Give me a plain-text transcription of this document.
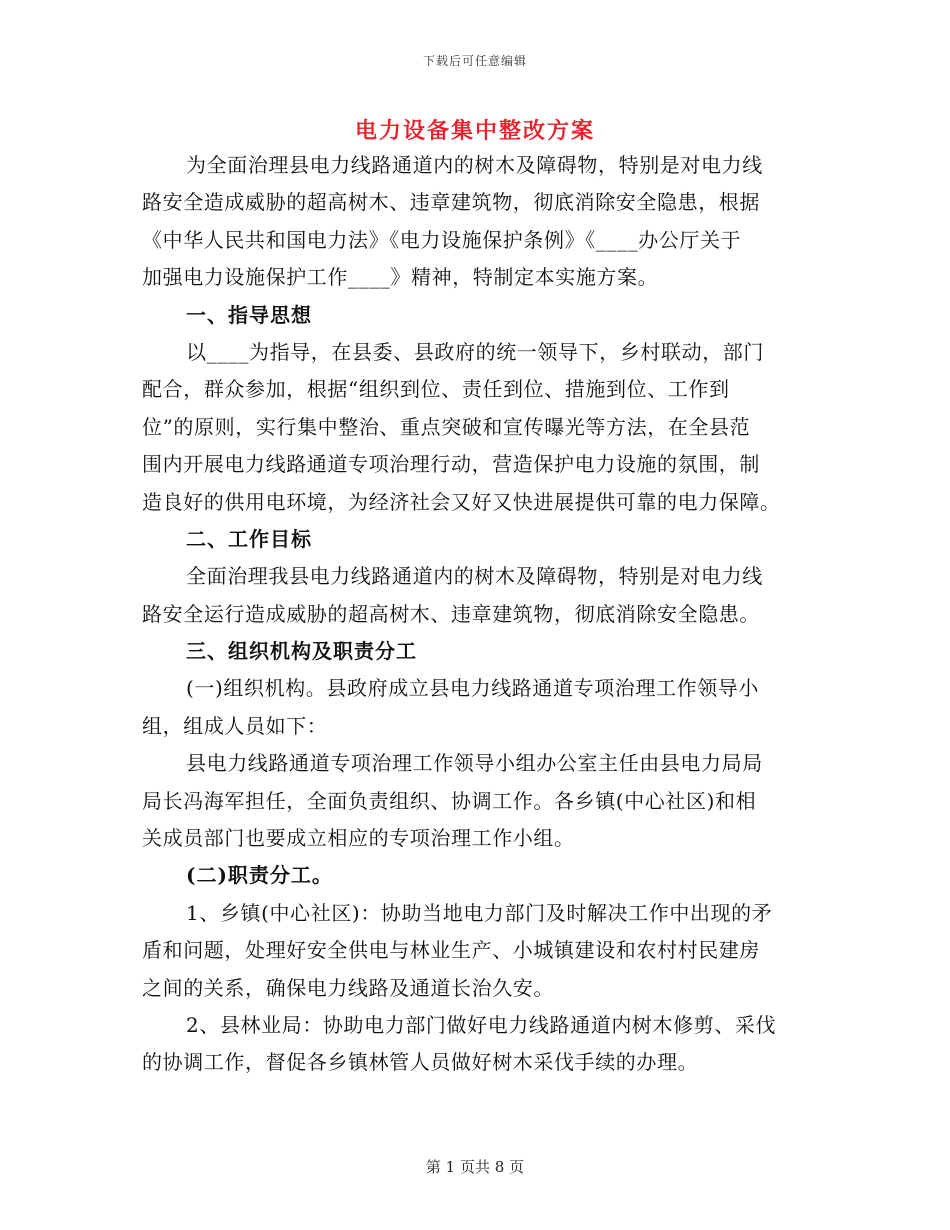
下载后可任意编辑
电力设备集中整改方案
为全面治理县电力线路通道内的树木及障碍物，特别是对电力线
路安全造成威胁的超高树木、违章建筑物，彻底消除安全隐患，根据
《中华人民共和国电力法》《电力设施保护条例》《____办公厅关于
加强电力设施保护工作____》精神，特制定本实施方案。
一、指导思想
以____为指导，在县委、县政府的统一领导下，乡村联动，部门
配合，群众参加，根据“组织到位、责任到位、措施到位、工作到
位”的原则，实行集中整治、重点突破和宣传曝光等方法，在全县范
围内开展电力线路通道专项治理行动，营造保护电力设施的氛围，制
造良好的供用电环境，为经济社会又好又快进展提供可靠的电力保障。
二、工作目标
全面治理我县电力线路通道内的树木及障碍物，特别是对电力线
路安全运行造成威胁的超高树木、违章建筑物，彻底消除安全隐患。
三、组织机构及职责分工
(一)组织机构。县政府成立县电力线路通道专项治理工作领导小
组，组成人员如下：
县电力线路通道专项治理工作领导小组办公室主任由县电力局局
局长冯海军担任，全面负责组织、协调工作。各乡镇(中心社区)和相
关成员部门也要成立相应的专项治理工作小组。
(二)职责分工。
1、乡镇(中心社区)：协助当地电力部门及时解决工作中出现的矛
盾和问题，处理好安全供电与林业生产、小城镇建设和农村村民建房
之间的关系，确保电力线路及通道长治久安。
2、县林业局：协助电力部门做好电力线路通道内树木修剪、采伐
的协调工作，督促各乡镇林管人员做好树木采伐手续的办理。
第 1 页共 8 页
